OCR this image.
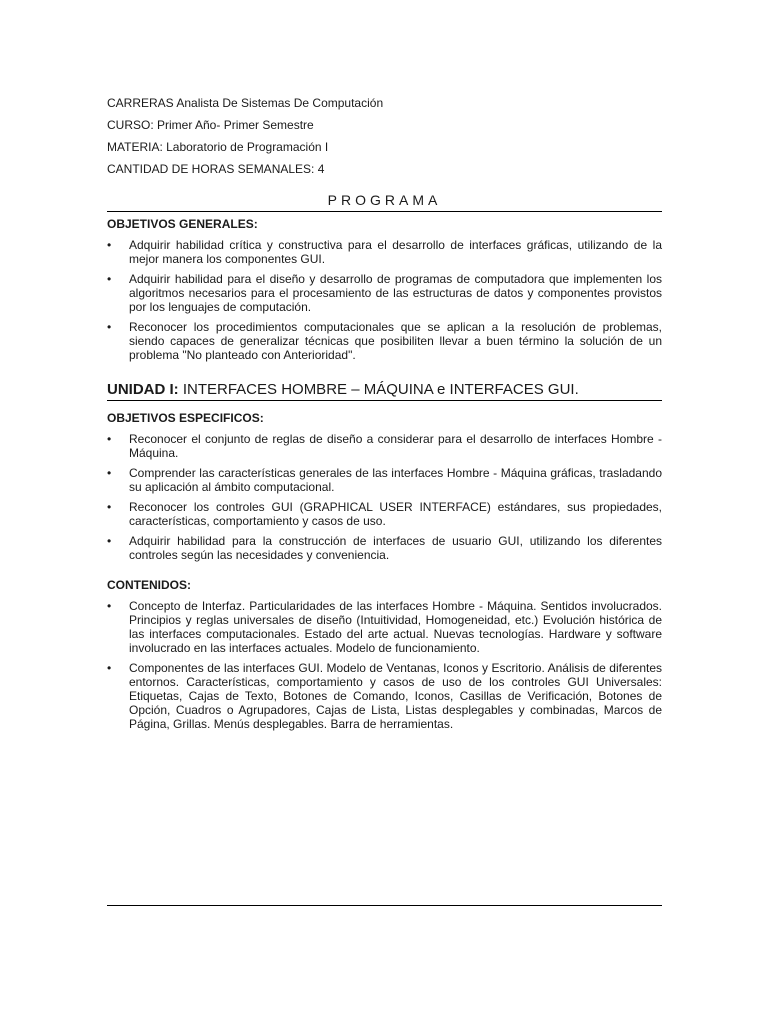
CARRERAS Analista De Sistemas De Computación
CURSO: Primer Año- Primer Semestre
MATERIA: Laboratorio de Programación I
CANTIDAD DE HORAS SEMANALES: 4
PROGRAMA
OBJETIVOS GENERALES:
• Adquirir habilidad crítica y constructiva para el desarrollo de interfaces gráficas, utilizando de la mejor manera los componentes GUI.
• Adquirir habilidad para el diseño y desarrollo de programas de computadora que implementen los algoritmos necesarios para el procesamiento de las estructuras de datos y componentes provistos por los lenguajes de computación.
• Reconocer los procedimientos computacionales que se aplican a la resolución de problemas, siendo capaces de generalizar técnicas que posibiliten llevar a buen término la solución de un problema "No planteado con Anterioridad".
UNIDAD I: INTERFACES HOMBRE – MÁQUINA e INTERFACES GUI.
OBJETIVOS ESPECIFICOS:
• Reconocer el conjunto de reglas de diseño a considerar para el desarrollo de interfaces Hombre - Máquina.
• Comprender las características generales de las interfaces Hombre - Máquina gráficas, trasladando su aplicación al ámbito computacional.
• Reconocer los controles GUI (GRAPHICAL USER INTERFACE) estándares, sus propiedades, características, comportamiento y casos de uso.
• Adquirir habilidad para la construcción de interfaces de usuario GUI, utilizando los diferentes controles según las necesidades y conveniencia.
CONTENIDOS:
• Concepto de Interfaz. Particularidades de las interfaces Hombre - Máquina. Sentidos involucrados. Principios y reglas universales de diseño (Intuitividad, Homogeneidad, etc.) Evolución histórica de las interfaces computacionales. Estado del arte actual. Nuevas tecnologías. Hardware y software involucrado en las interfaces actuales. Modelo de funcionamiento.
• Componentes de las interfaces GUI. Modelo de Ventanas, Iconos y Escritorio. Análisis de diferentes entornos. Características, comportamiento y casos de uso de los controles GUI Universales: Etiquetas, Cajas de Texto, Botones de Comando, Iconos, Casillas de Verificación, Botones de Opción, Cuadros o Agrupadores, Cajas de Lista, Listas desplegables y combinadas, Marcos de Página, Grillas. Menús desplegables. Barra de herramientas.
